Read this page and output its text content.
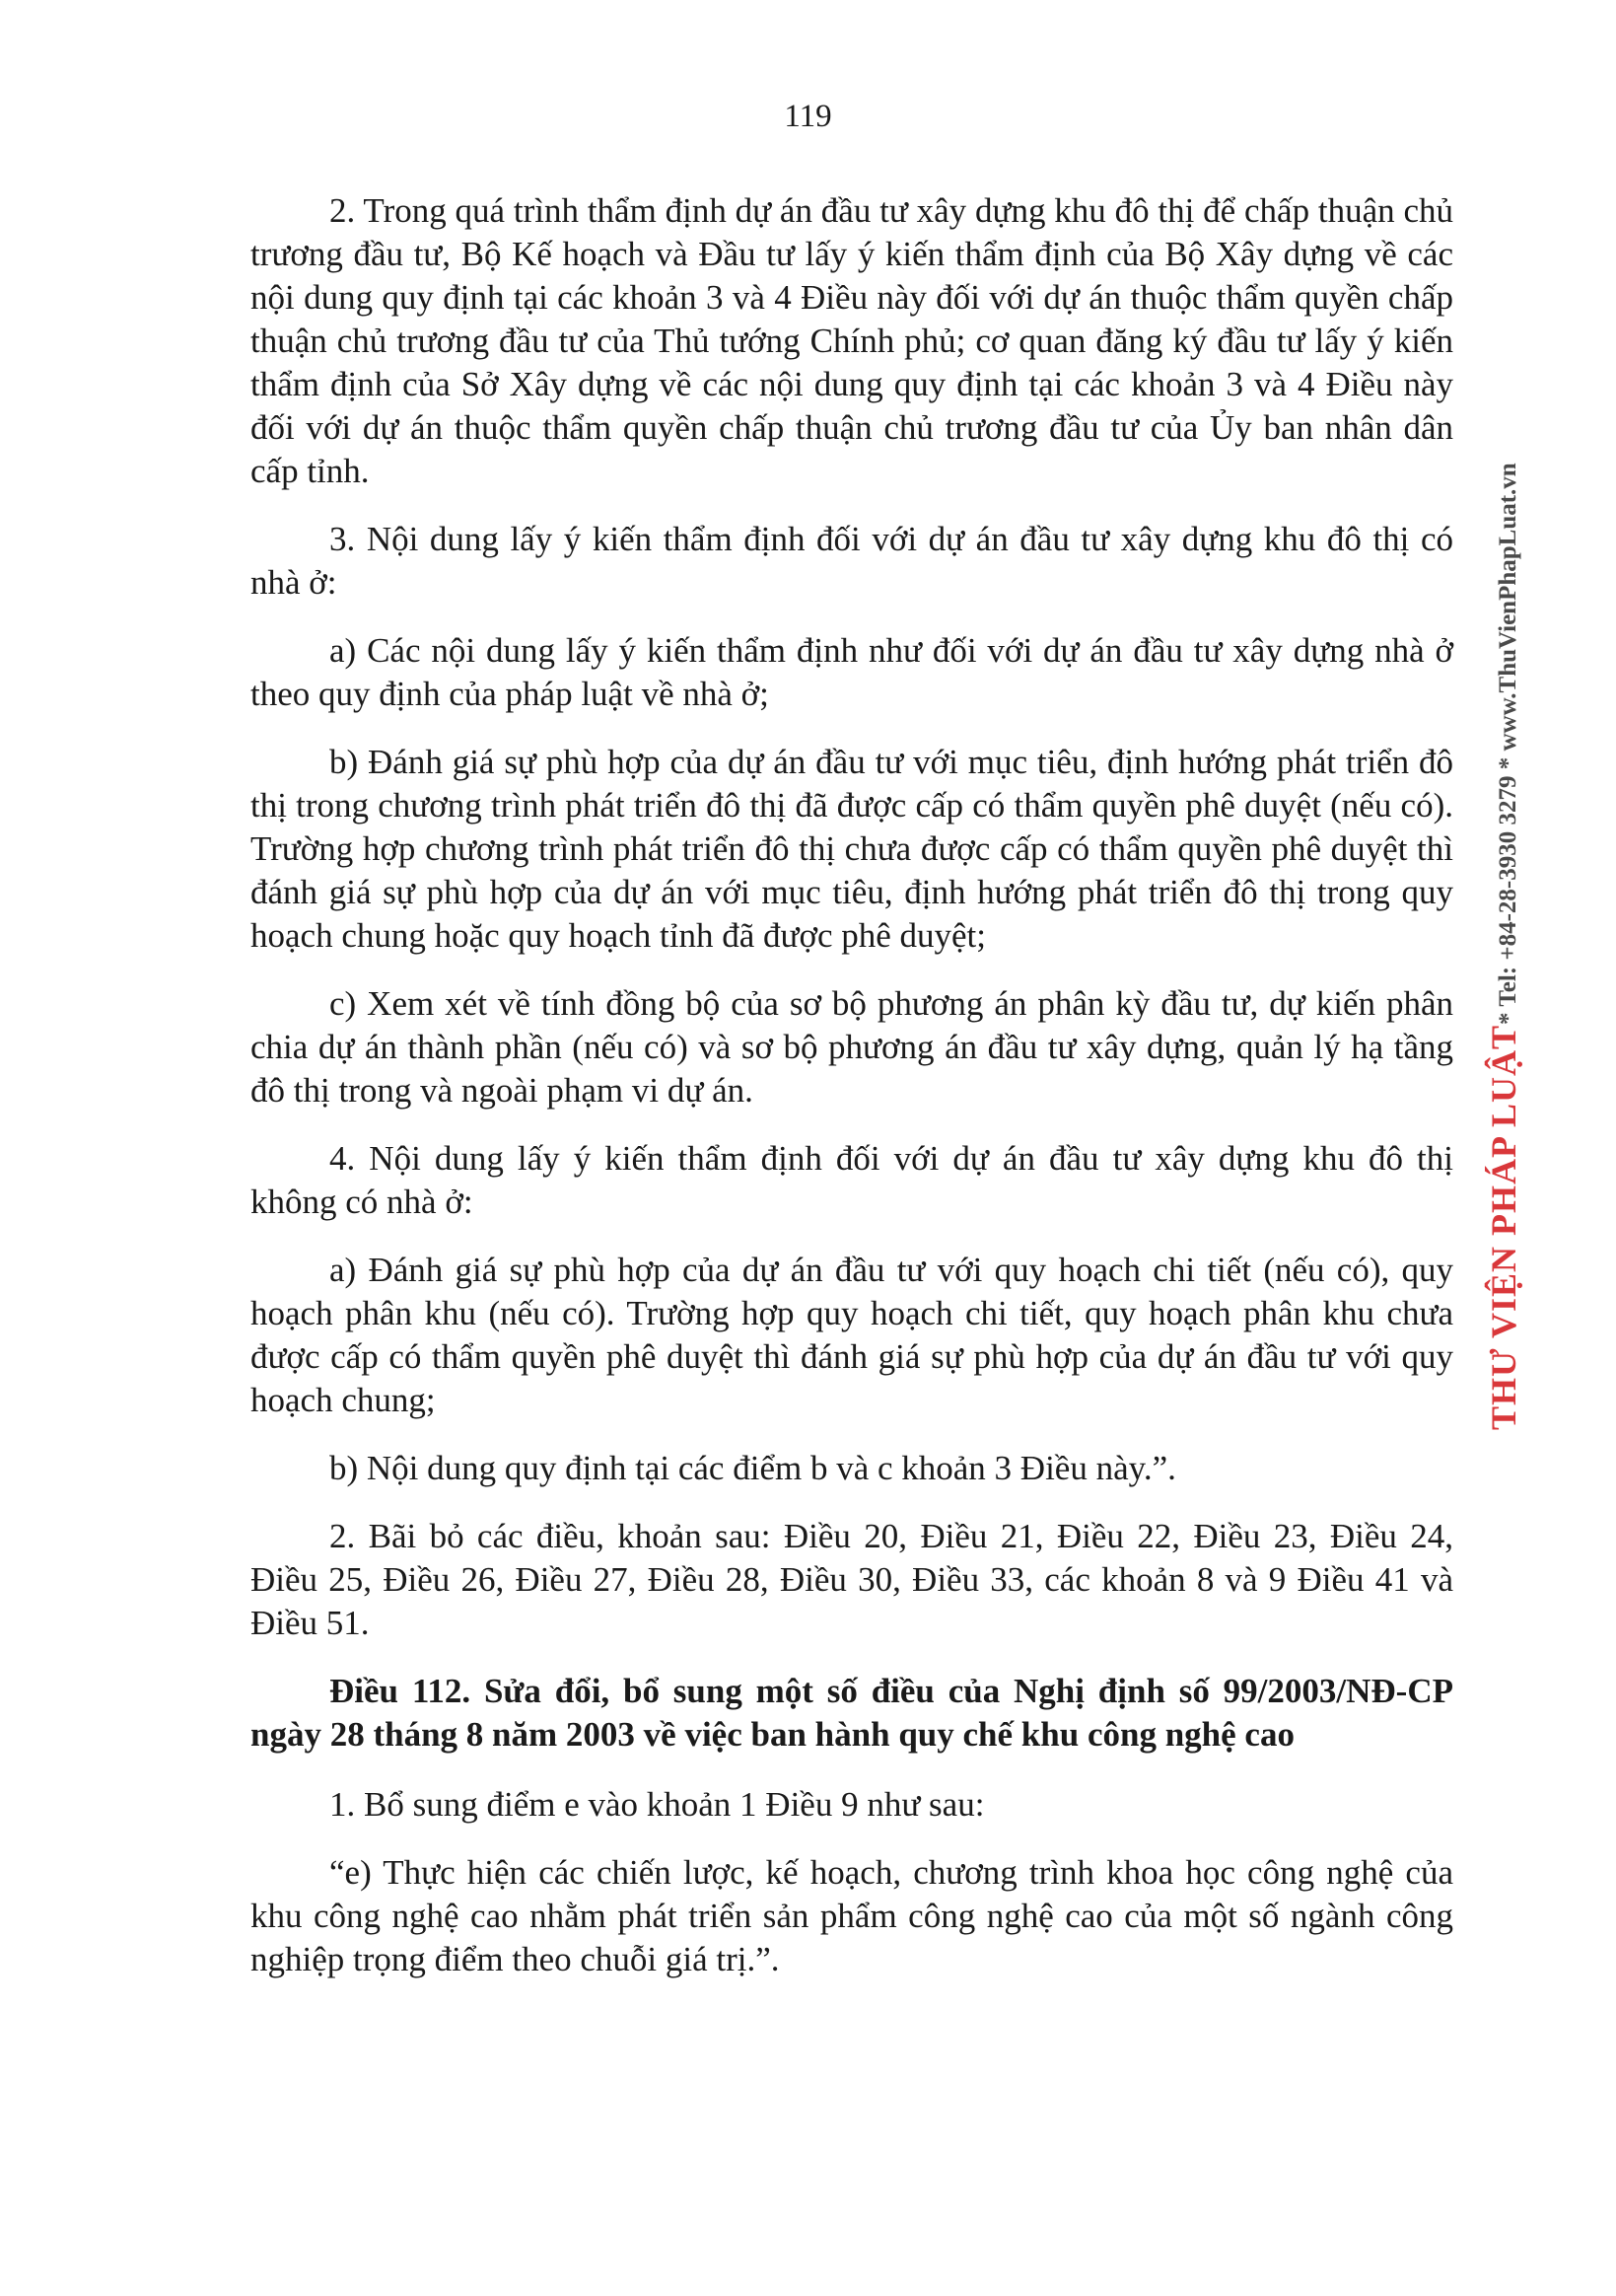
119

2. Trong quá trình thẩm định dự án đầu tư xây dựng khu đô thị để chấp thuận chủ trương đầu tư, Bộ Kế hoạch và Đầu tư lấy ý kiến thẩm định của Bộ Xây dựng về các nội dung quy định tại các khoản 3 và 4 Điều này đối với dự án thuộc thẩm quyền chấp thuận chủ trương đầu tư của Thủ tướng Chính phủ; cơ quan đăng ký đầu tư lấy ý kiến thẩm định của Sở Xây dựng về các nội dung quy định tại các khoản 3 và 4 Điều này đối với dự án thuộc thẩm quyền chấp thuận chủ trương đầu tư của Ủy ban nhân dân cấp tỉnh.

3. Nội dung lấy ý kiến thẩm định đối với dự án đầu tư xây dựng khu đô thị có nhà ở:

a) Các nội dung lấy ý kiến thẩm định như đối với dự án đầu tư xây dựng nhà ở theo quy định của pháp luật về nhà ở;

b) Đánh giá sự phù hợp của dự án đầu tư với mục tiêu, định hướng phát triển đô thị trong chương trình phát triển đô thị đã được cấp có thẩm quyền phê duyệt (nếu có). Trường hợp chương trình phát triển đô thị chưa được cấp có thẩm quyền phê duyệt thì đánh giá sự phù hợp của dự án với mục tiêu, định hướng phát triển đô thị trong quy hoạch chung hoặc quy hoạch tỉnh đã được phê duyệt;

c) Xem xét về tính đồng bộ của sơ bộ phương án phân kỳ đầu tư, dự kiến phân chia dự án thành phần (nếu có) và sơ bộ phương án đầu tư xây dựng, quản lý hạ tầng đô thị trong và ngoài phạm vi dự án.

4. Nội dung lấy ý kiến thẩm định đối với dự án đầu tư xây dựng khu đô thị không có nhà ở:

a) Đánh giá sự phù hợp của dự án đầu tư với quy hoạch chi tiết (nếu có), quy hoạch phân khu (nếu có). Trường hợp quy hoạch chi tiết, quy hoạch phân khu chưa được cấp có thẩm quyền phê duyệt thì đánh giá sự phù hợp của dự án đầu tư với quy hoạch chung;

b) Nội dung quy định tại các điểm b và c khoản 3 Điều này.”.

2. Bãi bỏ các điều, khoản sau: Điều 20, Điều 21, Điều 22, Điều 23, Điều 24, Điều 25, Điều 26, Điều 27, Điều 28, Điều 30, Điều 33, các khoản 8 và 9 Điều 41 và Điều 51.

Điều 112. Sửa đổi, bổ sung một số điều của Nghị định số 99/2003/NĐ-CP ngày 28 tháng 8 năm 2003 về việc ban hành quy chế khu công nghệ cao

1. Bổ sung điểm e vào khoản 1 Điều 9 như sau:

“e) Thực hiện các chiến lược, kế hoạch, chương trình khoa học công nghệ của khu công nghệ cao nhằm phát triển sản phẩm công nghệ cao của một số ngành công nghiệp trọng điểm theo chuỗi giá trị.”.

THƯ VIỆN PHÁP LUẬT* Tel: +84-28-3930 3279 * www.ThuVienPhapLuat.vn
